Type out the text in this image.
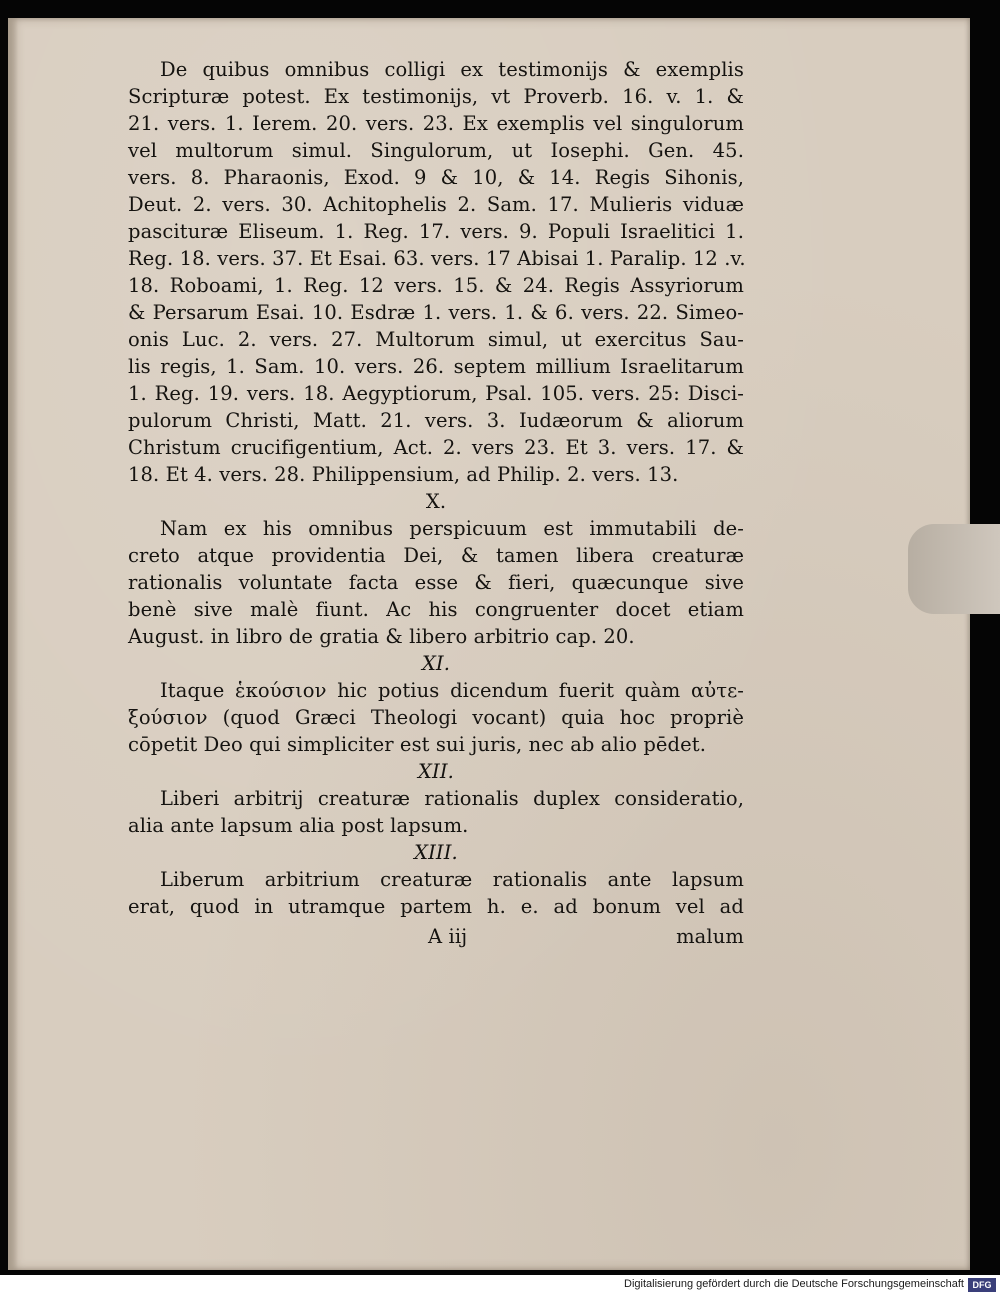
De quibus omnibus colligi ex testimonijs & exemplis
Scripturæ potest. Ex testimonijs, vt Proverb. 16. v. 1. &
21. vers. 1. Ierem. 20. vers. 23. Ex exemplis vel singulorum
vel multorum simul. Singulorum, ut Iosephi. Gen. 45.
vers. 8. Pharaonis, Exod. 9 & 10, & 14. Regis Sihonis,
Deut. 2. vers. 30. Achitophelis 2. Sam. 17. Mulieris viduæ
pascituræ Eliseum. 1. Reg. 17. vers. 9. Populi Israelitici 1.
Reg. 18. vers. 37. Et Esai. 63. vers. 17 Abisai 1. Paralip. 12 .v.
18. Roboami, 1. Reg. 12 vers. 15. & 24. Regis Assyriorum
& Persarum Esai. 10. Esdræ 1. vers. 1. & 6. vers. 22. Simeo-
onis Luc. 2. vers. 27. Multorum simul, ut exercitus Sau-
lis regis, 1. Sam. 10. vers. 26. septem millium Israelitarum
1. Reg. 19. vers. 18. Aegyptiorum, Psal. 105. vers. 25: Disci-
pulorum Christi, Matt. 21. vers. 3. Iudæorum & aliorum
Christum crucifigentium, Act. 2. vers 23. Et 3. vers. 17. &
18. Et 4. vers. 28. Philippensium, ad Philip. 2. vers. 13.
X.
Nam ex his omnibus perspicuum est immutabili de-
creto atque providentia Dei, & tamen libera creaturæ
rationalis voluntate facta esse & fieri, quæcunque sive
benè sive malè fiunt. Ac his congruenter docet etiam
August. in libro de gratia & libero arbitrio cap. 20.
XI.
Itaque ἑκούσιον hic potius dicendum fuerit quàm αὐτε-
ξούσιον (quod Græci Theologi vocant) quia hoc propriè
cōpetit Deo qui simpliciter est sui juris, nec ab alio pēdet.
XII.
Liberi arbitrij creaturæ rationalis duplex consideratio,
alia ante lapsum alia post lapsum.
XIII.
Liberum arbitrium creaturæ rationalis ante lapsum
erat, quod in utramque partem h. e. ad bonum vel ad
A iij	malum
Digitalisierung gefördert durch die Deutsche Forschungsgemeinschaft DFG
